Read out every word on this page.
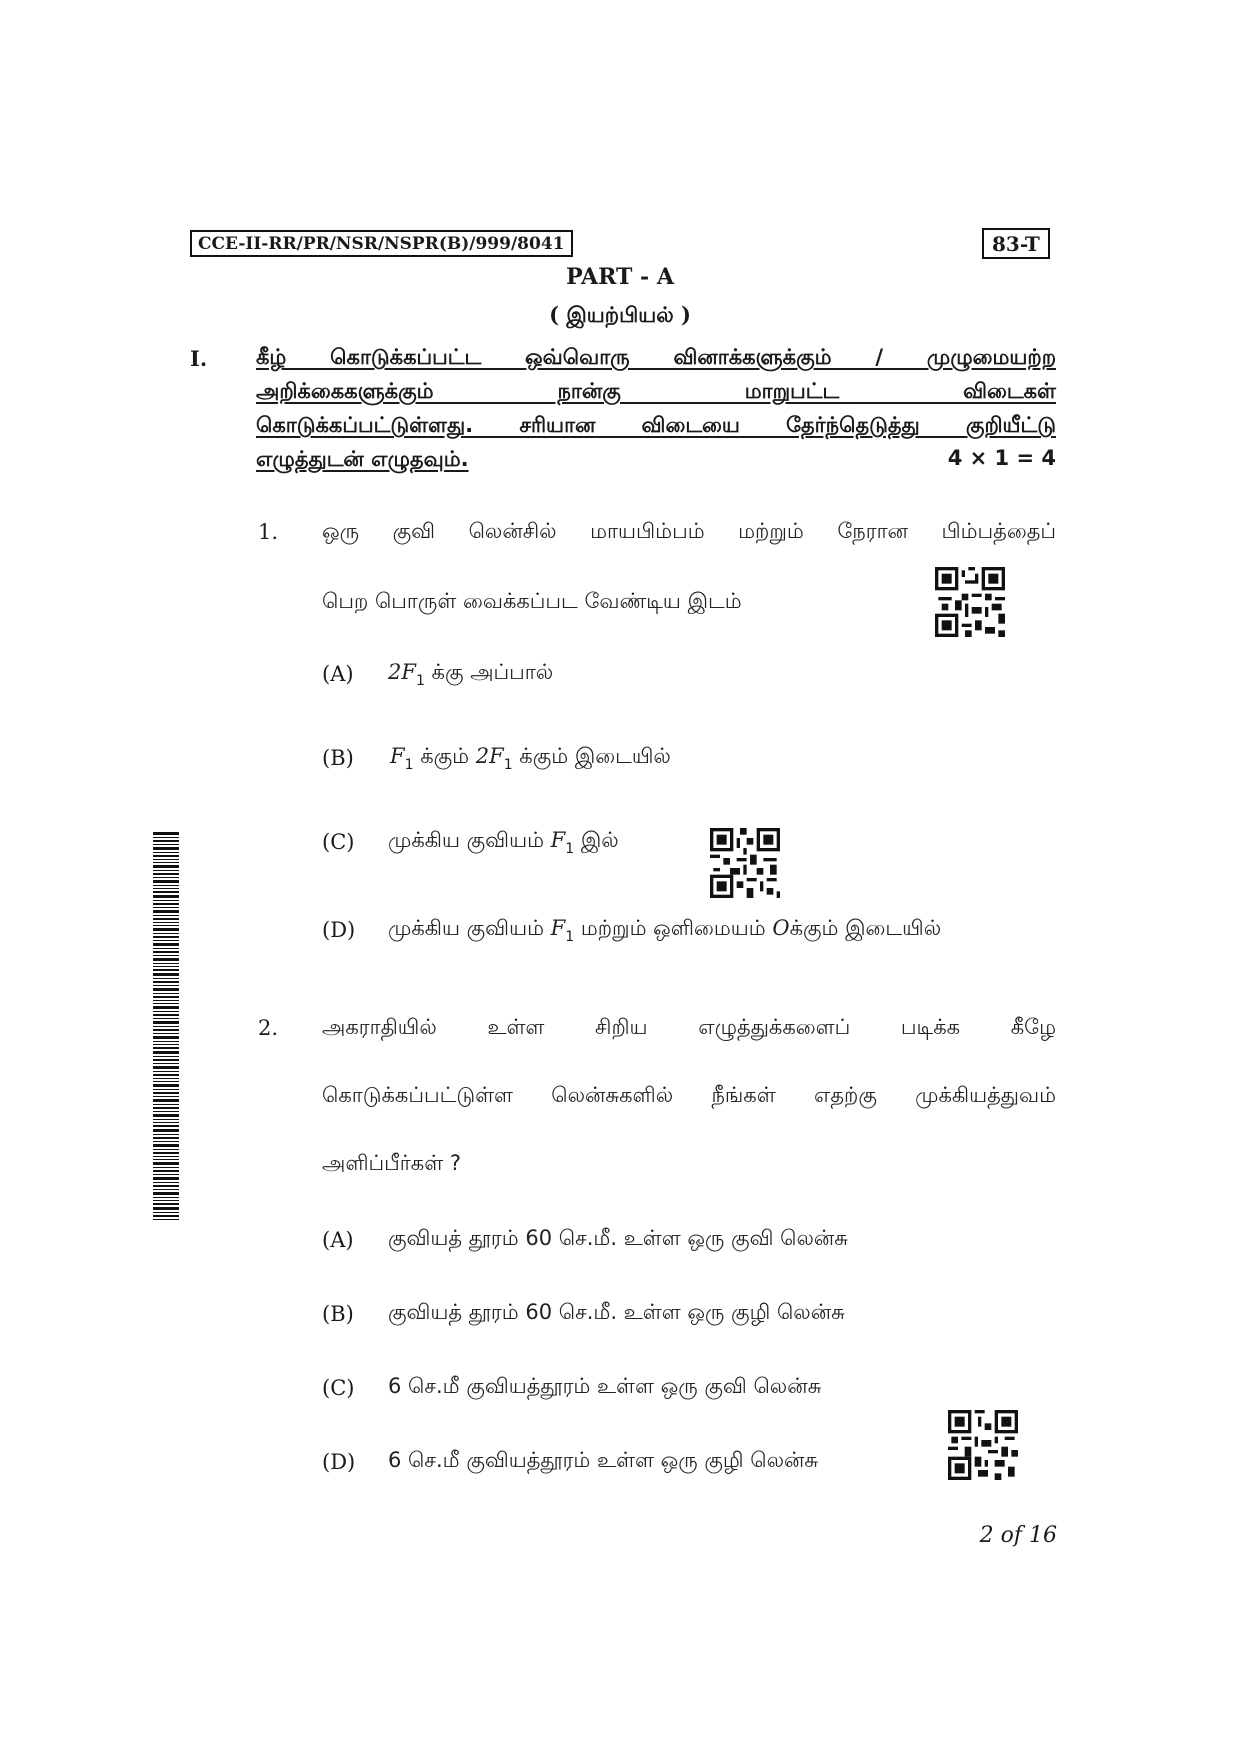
CCE-II-RR/PR/NSR/NSPR(B)/999/8041	83-T
PART - A
( இயற்பியல் )
I. கீழ் கொடுக்கப்பட்ட ஒவ்வொரு வினாக்களுக்கும் / முழுமையற்ற
அறிக்கைகளுக்கும் நான்கு மாறுபட்ட விடைகள்
கொடுக்கப்பட்டுள்ளது. சரியான விடையை தேர்ந்தெடுத்து குறியீட்டு
எழுத்துடன் எழுதவும்.	4 × 1 = 4
1. ஒரு குவி லென்சில் மாயபிம்பம் மற்றும் நேரான பிம்பத்தைப்
பெற பொருள் வைக்கப்பட வேண்டிய இடம்
(A) $2F_1$ க்கு அப்பால்
(B) $F_1$ க்கும் $2F_1$ க்கும் இடையில்
(C) முக்கிய குவியம் $F_1$ இல்
(D) முக்கிய குவியம் $F_1$ மற்றும் ஒளிமையம் Oக்கும் இடையில்
2. அகராதியில் உள்ள சிறிய எழுத்துக்களைப் படிக்க கீழே
கொடுக்கப்பட்டுள்ள லென்சுகளில் நீங்கள் எதற்கு முக்கியத்துவம்
அளிப்பீர்கள் ?
(A) குவியத் தூரம் 60 செ.மீ. உள்ள ஒரு குவி லென்சு
(B) குவியத் தூரம் 60 செ.மீ. உள்ள ஒரு குழி லென்சு
(C) 6 செ.மீ குவியத்தூரம் உள்ள ஒரு குவி லென்சு
(D) 6 செ.மீ குவியத்தூரம் உள்ள ஒரு குழி லென்சு
2 of 16
